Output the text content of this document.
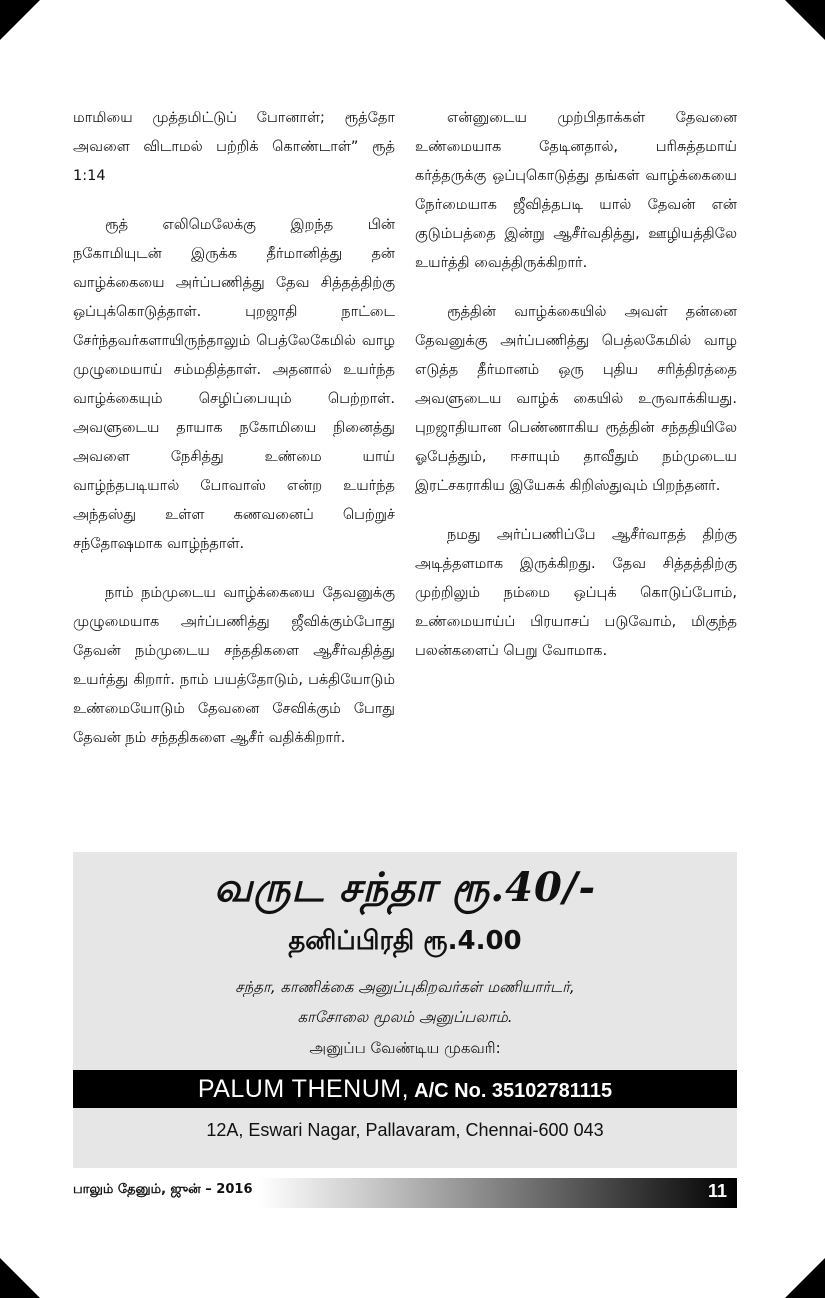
மாமியை முத்தமிட்டுப் போனாள்; ரூத்தோ அவளை விடாமல் பற்றிக் கொண்டாள்” ரூத் 1:14

ரூத் எலிமெலேக்கு இறந்த பின் நகோமியுடன் இருக்க தீர்மானித்து தன் வாழ்க்கையை அர்ப்பணித்து தேவ சித்தத்திற்கு ஒப்புக்கொடுத்தாள். புறஜாதி நாட்டை சேர்ந்தவர்களாயிருந்தாலும் பெத்லேகேமில் வாழ முழுமையாய் சம்மதித்தாள். அதனால் உயர்ந்த வாழ்க்கையும் செழிப்பையும் பெற்றாள். அவளுடைய தாயாக நகோமியை நினைத்து அவளை நேசித்து உண்மை யாய் வாழ்ந்தபடியால் போவாஸ் என்ற உயர்ந்த அந்தஸ்து உள்ள கணவனைப் பெற்றுச் சந்தோஷமாக வாழ்ந்தாள்.

நாம் நம்முடைய வாழ்க்கையை தேவனுக்கு முழுமையாக அர்ப்பணித்து ஜீவிக்கும்போது தேவன் நம்முடைய சந்ததிகளை ஆசீர்வதித்து உயர்த்து கிறார். நாம் பயத்தோடும், பக்தியோடும் உண்மையோடும் தேவனை சேவிக்கும் போது தேவன் நம் சந்ததிகளை ஆசீர் வதிக்கிறார்.

என்னுடைய முற்பிதாக்கள் தேவனை உண்மையாக தேடினதால், பரிசுத்தமாய் கர்த்தருக்கு ஒப்புகொடுத்து தங்கள் வாழ்க்கையை நேர்மையாக ஜீவித்தபடி யால் தேவன் என் குடும்பத்தை இன்று ஆசீர்வதித்து, ஊழியத்திலே உயர்த்தி வைத்திருக்கிறார்.

ரூத்தின் வாழ்க்கையில் அவள் தன்னை தேவனுக்கு அர்ப்பணித்து பெத்லகேமில் வாழ எடுத்த தீர்மானம் ஒரு புதிய சரித்திரத்தை அவளுடைய வாழ்க் கையில் உருவாக்கியது. புறஜாதியான பெண்ணாகிய ரூத்தின் சந்ததியிலே ஓபேத்தும், ஈசாயும் தாவீதும் நம்முடைய இரட்சகராகிய இயேசுக் கிறிஸ்துவும் பிறந்தனர்.

நமது அர்ப்பணிப்பே ஆசீர்வாதத் திற்கு அடித்தளமாக இருக்கிறது. தேவ சித்தத்திற்கு முற்றிலும் நம்மை ஒப்புக் கொடுப்போம், உண்மையாய்ப் பிரயாசப் படுவோம், மிகுந்த பலன்களைப் பெறு வோமாக.

வருட சந்தா ரூ.40/-
தனிப்பிரதி ரூ.4.00
சந்தா, காணிக்கை அனுப்புகிறவர்கள் மணியார்டர்,
காசோலை மூலம் அனுப்பலாம்.
அனுப்ப வேண்டிய முகவரி:
PALUM THENUM, A/C No. 35102781115
12A, Eswari Nagar, Pallavaram, Chennai-600 043
பாலும் தேனும், ஜுன் – 2016	11
